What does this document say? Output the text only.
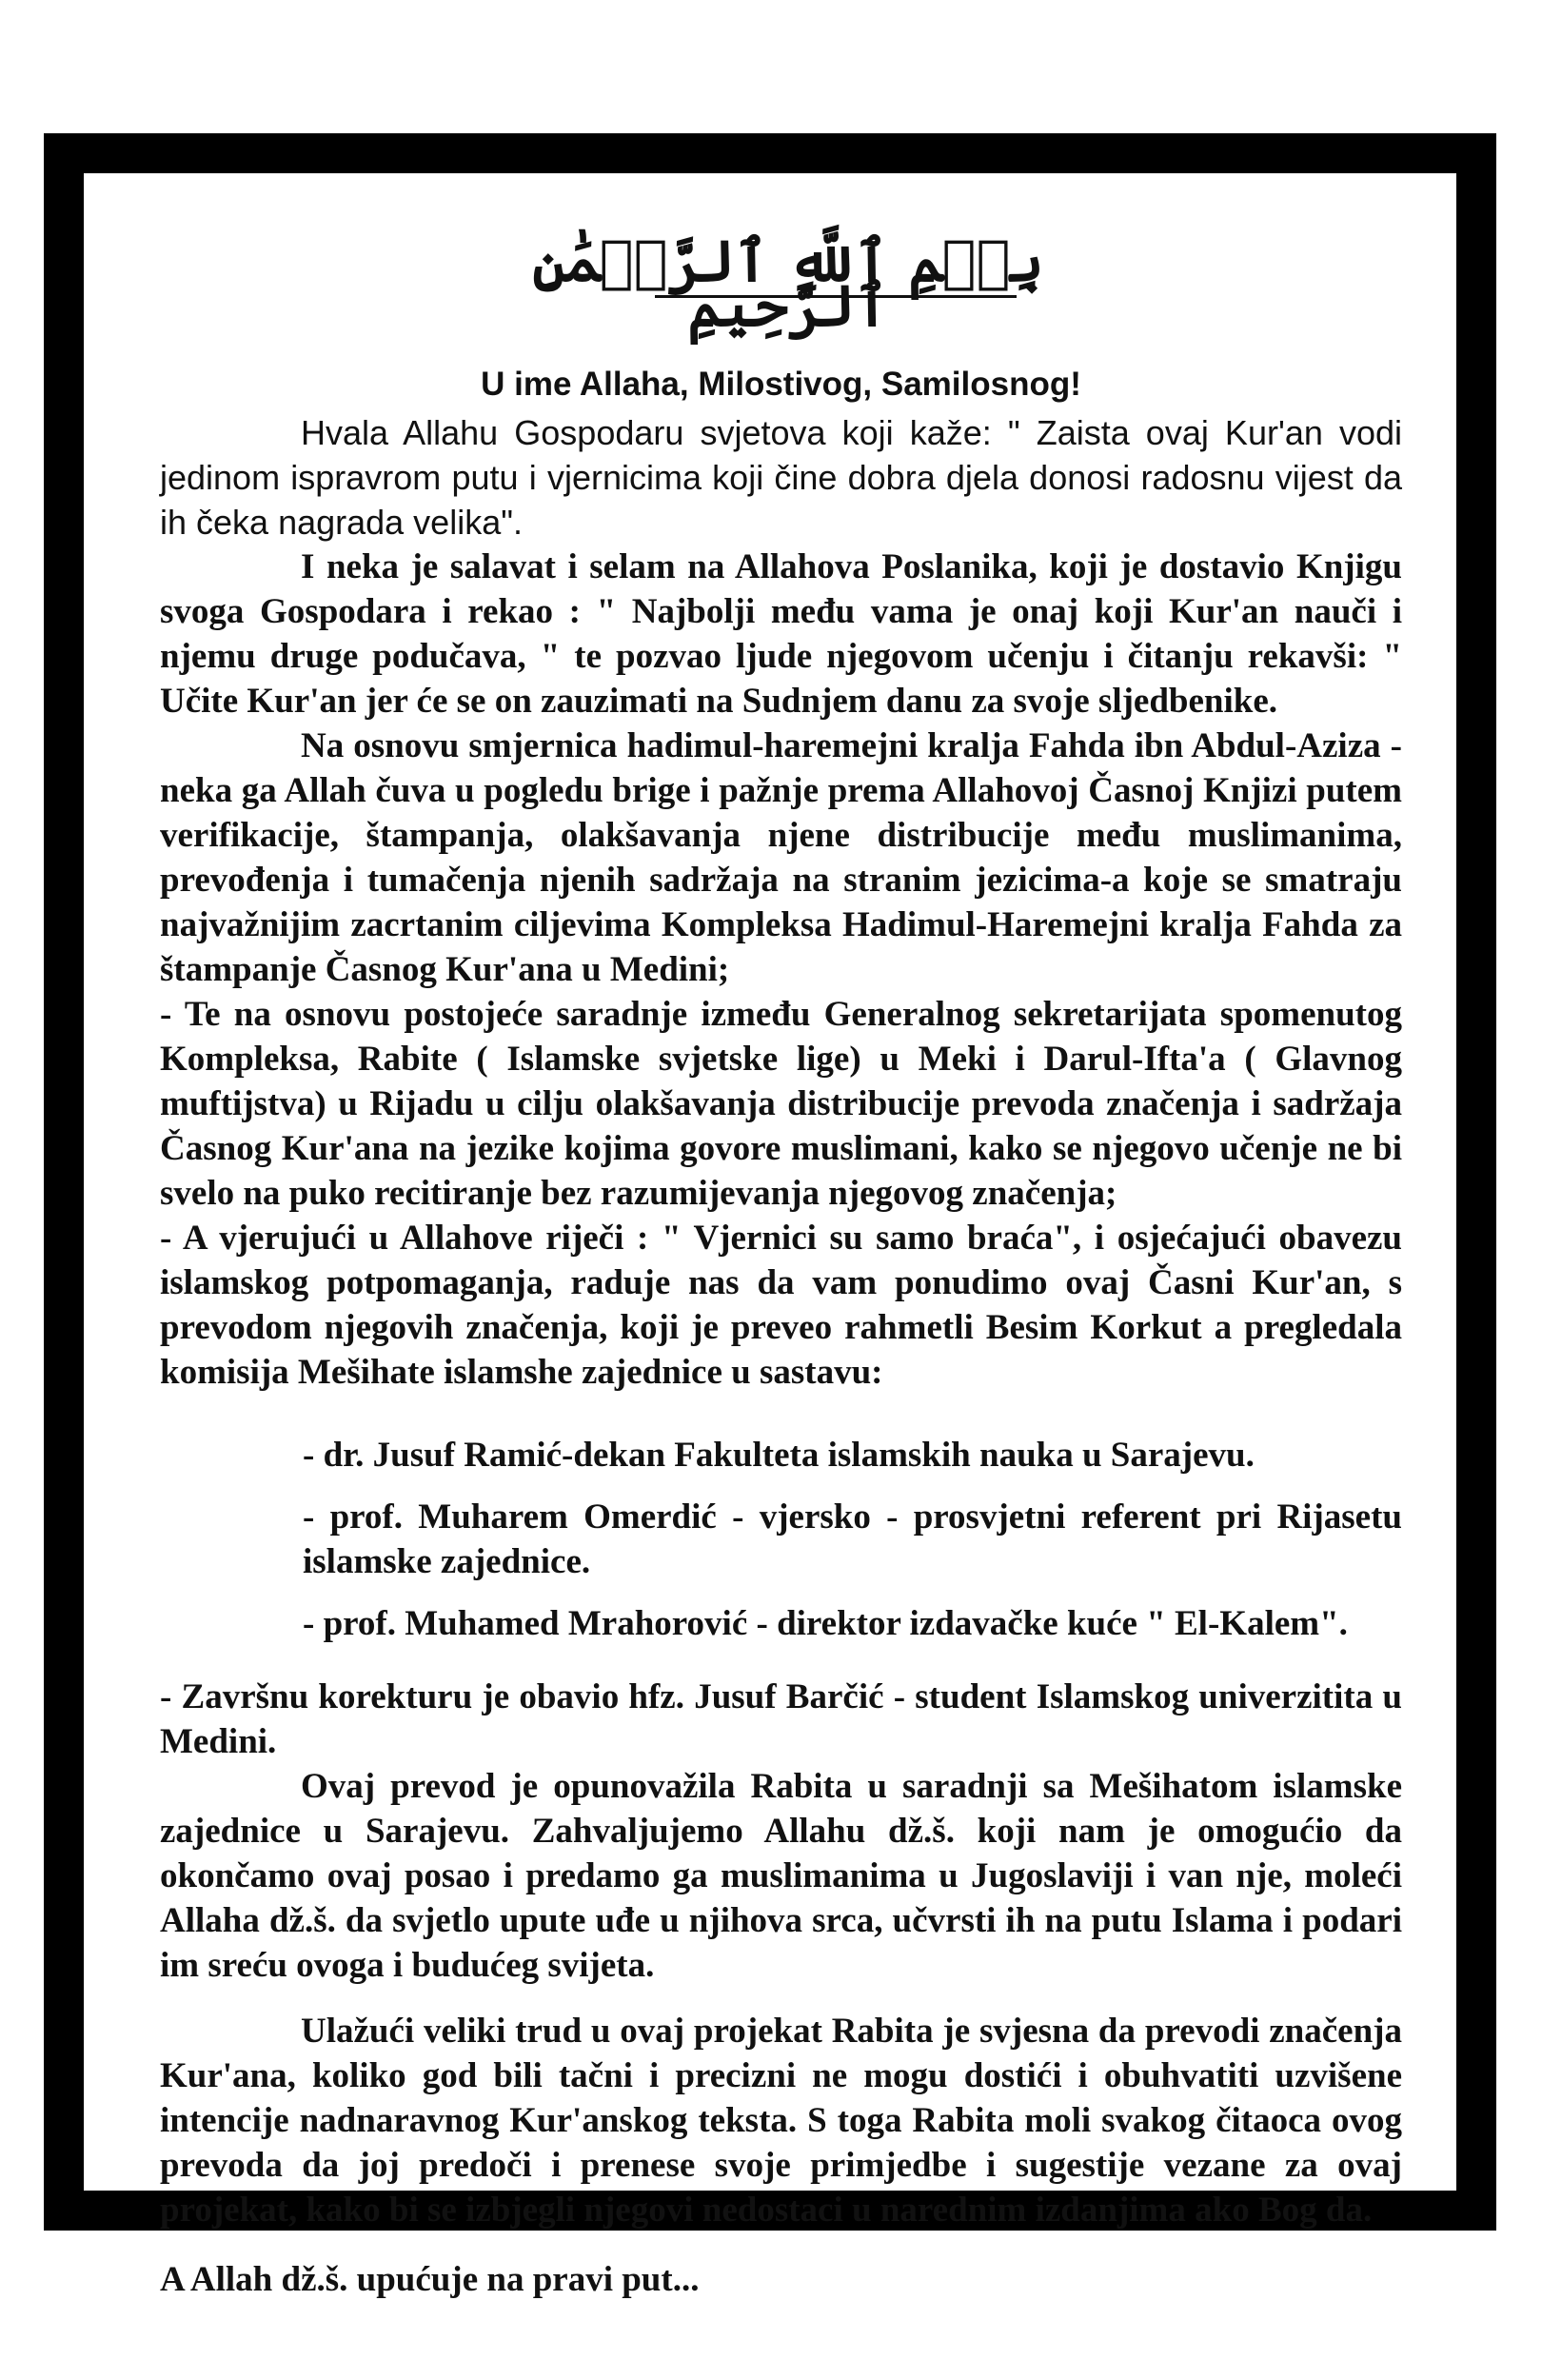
بِسۡمِ ٱللَّهِ ٱلرَّحۡمَٰنِ ٱلرَّحِيمِ
U ime Allaha, Milostivog, Samilosnog!

Hvala Allahu Gospodaru svjetova koji kaže: " Zaista ovaj Kur'an vodi jedinom ispravrom putu i vjernicima koji čine dobra djela donosi radosnu vijest da ih čeka nagrada velika".

I neka je salavat i selam na Allahova Poslanika, koji je dostavio Knjigu svoga Gospodara i rekao : " Najbolji među vama je onaj koji Kur'an nauči i njemu druge podučava, " te pozvao ljude njegovom učenju i čitanju rekavši: " Učite Kur'an jer će se on zauzimati na Sudnjem danu za svoje sljedbenike.

Na osnovu smjernica hadimul-haremejni kralja Fahda ibn Abdul-Aziza -neka ga Allah čuva u pogledu brige i pažnje prema Allahovoj Časnoj Knjizi putem verifikacije, štampanja, olakšavanja njene distribucije među muslimanima, prevođenja i tumačenja njenih sadržaja na stranim jezicima-a koje se smatraju najvažnijim zacrtanim ciljevima Kompleksa Hadimul-Haremejni kralja Fahda za štampanje Časnog Kur'ana u Medini;

- Te na osnovu postojeće saradnje između Generalnog sekretarijata spomenutog Kompleksa, Rabite ( Islamske svjetske lige) u Meki i Darul-Ifta'a ( Glavnog muftijstva) u Rijadu u cilju olakšavanja distribucije prevoda značenja i sadržaja Časnog Kur'ana na jezike kojima govore muslimani, kako se njegovo učenje ne bi svelo na puko recitiranje bez razumijevanja njegovog značenja;

- A vjerujući u Allahove riječi : " Vjernici su samo braća", i osjećajući obavezu islamskog potpomaganja, raduje nas da vam ponudimo ovaj Časni Kur'an, s prevodom njegovih značenja, koji je preveo rahmetli Besim Korkut a pregledala komisija Mešihate islamshe zajednice u sastavu:

- dr. Jusuf Ramić-dekan Fakulteta islamskih nauka u Sarajevu.

- prof. Muharem Omerdić - vjersko - prosvjetni referent pri Rijasetu islamske zajednice.

- prof. Muhamed Mrahorović - direktor izdavačke kuće " El-Kalem".

- Završnu korekturu je obavio hfz. Jusuf Barčić - student Islamskog univerzitita u Medini.

Ovaj prevod je opunovažila Rabita u saradnji sa Mešihatom islamske zajednice u Sarajevu. Zahvaljujemo Allahu dž.š. koji nam je omogućio da okončamo ovaj posao i predamo ga muslimanima u Jugoslaviji i van nje, moleći Allaha dž.š. da svjetlo upute uđe u njihova srca, učvrsti ih na putu Islama i podari im sreću ovoga i budućeg svijeta.

Ulažući veliki trud u ovaj projekat Rabita je svjesna da prevodi značenja Kur'ana, koliko god bili tačni i precizni ne mogu dostići i obuhvatiti uzvišene intencije nadnaravnog Kur'anskog teksta. S toga Rabita moli svakog čitaoca ovog prevoda da joj predoči i prenese svoje primjedbe i sugestije vezane za ovaj projekat, kako bi se izbjegli njegovi nedostaci u narednim izdanjima ako Bog da.

A Allah dž.š. upućuje na pravi put...
